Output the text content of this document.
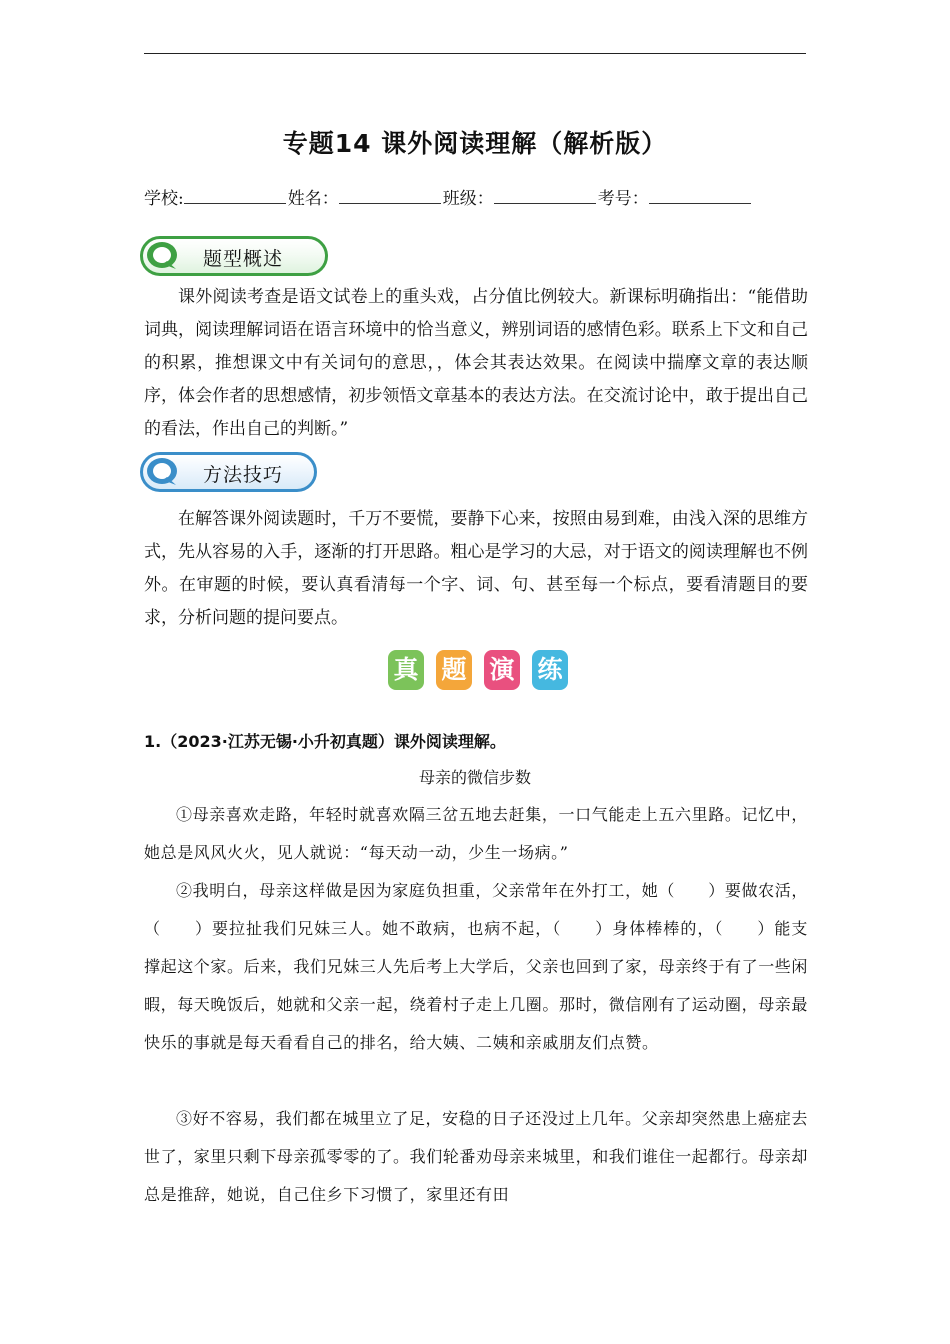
专题14 课外阅读理解（解析版）
学校:	姓名：	班级：	考号：
题型概述
课外阅读考查是语文试卷上的重头戏，占分值比例较大。新课标明确指出：“能借助词典，阅读理解词语在语言环境中的恰当意义，辨别词语的感情色彩。联系上下文和自己的积累，推想课文中有关词句的意思，，体会其表达效果。在阅读中揣摩文章的表达顺序，体会作者的思想感情，初步领悟文章基本的表达方法。在交流讨论中，敢于提出自己的看法，作出自己的判断。”
方法技巧
在解答课外阅读题时，千万不要慌，要静下心来，按照由易到难，由浅入深的思维方式，先从容易的入手，逐渐的打开思路。粗心是学习的大忌，对于语文的阅读理解也不例外。在审题的时候，要认真看清每一个字、词、句、甚至每一个标点，要看清题目的要求，分析问题的提问要点。
真 题 演 练
1.（2023·江苏无锡·小升初真题）课外阅读理解。
母亲的微信步数
①母亲喜欢走路，年轻时就喜欢隔三岔五地去赶集，一口气能走上五六里路。记忆中，她总是风风火火，见人就说：“每天动一动，少生一场病。”
②我明白，母亲这样做是因为家庭负担重，父亲常年在外打工，她（　　）要做农活，（　　）要拉扯我们兄妹三人。她不敢病，也病不起，（　　）身体棒棒的，（　　）能支撑起这个家。后来，我们兄妹三人先后考上大学后，父亲也回到了家，母亲终于有了一些闲暇，每天晚饭后，她就和父亲一起，绕着村子走上几圈。那时，微信刚有了运动圈，母亲最快乐的事就是每天看看自己的排名，给大姨、二姨和亲戚朋友们点赞。
③好不容易，我们都在城里立了足，安稳的日子还没过上几年。父亲却突然患上癌症去世了，家里只剩下母亲孤零零的了。我们轮番劝母亲来城里，和我们谁住一起都行。母亲却总是推辞，她说，自己住乡下习惯了，家里还有田
